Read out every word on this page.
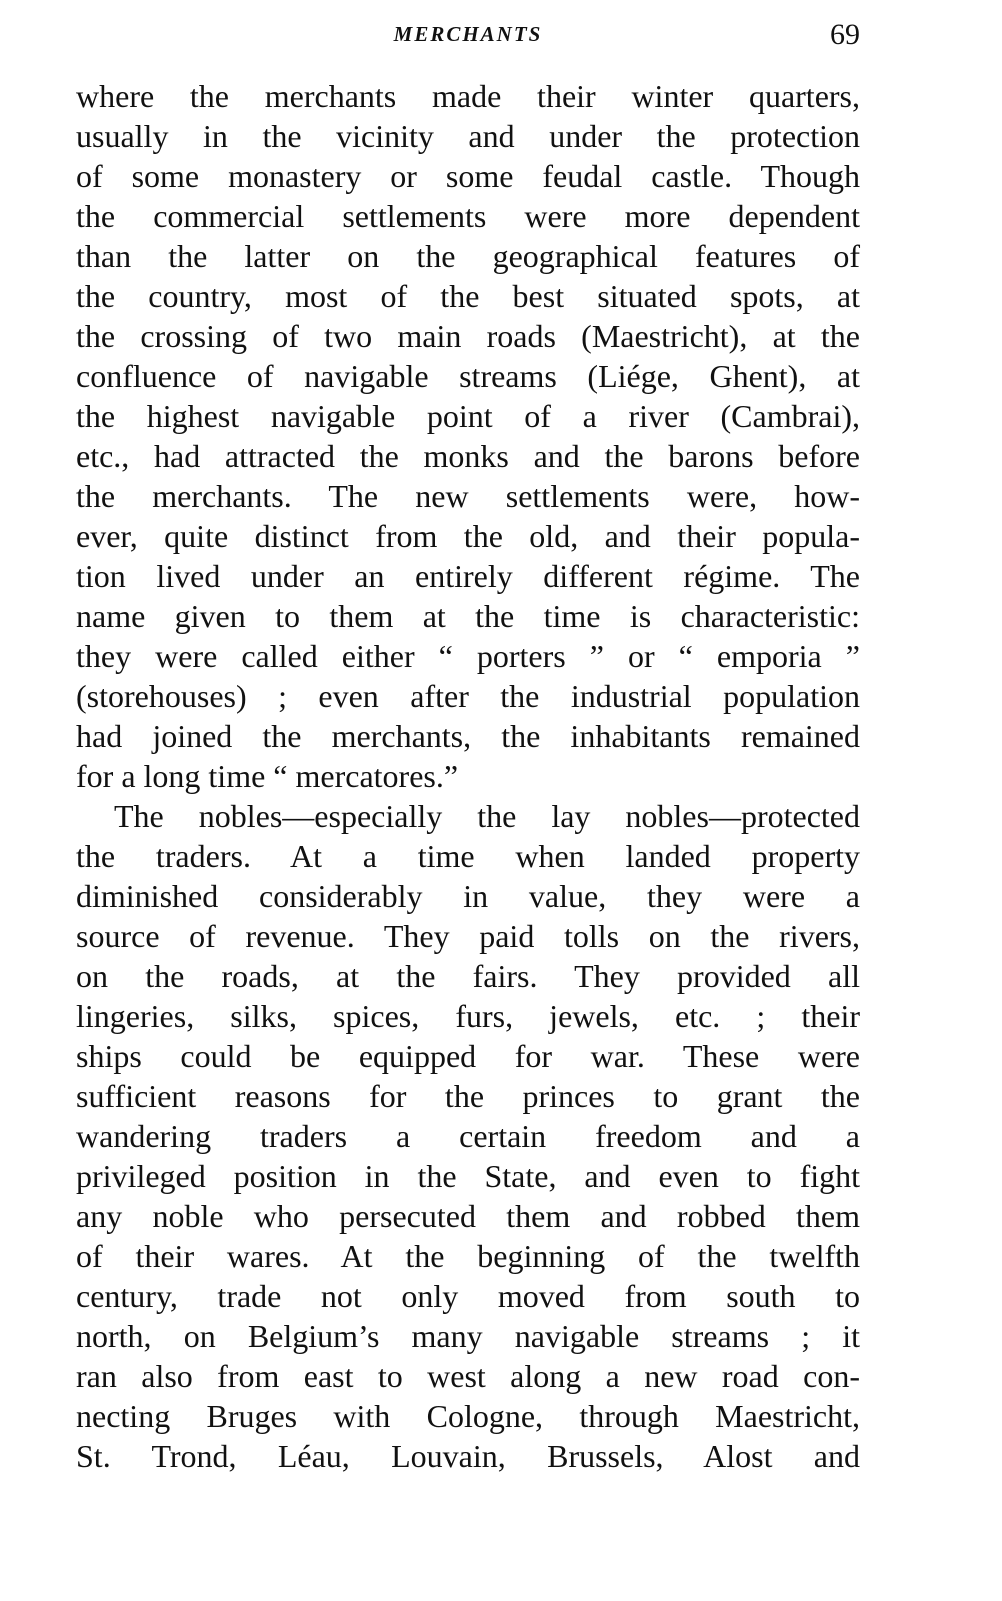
MERCHANTS	69
where the merchants made their winter quarters,
usually in the vicinity and under the protection
of some monastery or some feudal castle. Though
the commercial settlements were more dependent
than the latter on the geographical features of
the country, most of the best situated spots, at
the crossing of two main roads (Maestricht), at the
confluence of navigable streams (Liége, Ghent), at
the highest navigable point of a river (Cambrai),
etc., had attracted the monks and the barons before
the merchants. The new settlements were, how-
ever, quite distinct from the old, and their popula-
tion lived under an entirely different régime. The
name given to them at the time is characteristic:
they were called either “ porters ” or “ emporia ”
(storehouses) ; even after the industrial population
had joined the merchants, the inhabitants remained
for a long time “ mercatores.”
The nobles—especially the lay nobles—protected
the traders. At a time when landed property
diminished considerably in value, they were a
source of revenue. They paid tolls on the rivers,
on the roads, at the fairs. They provided all
lingeries, silks, spices, furs, jewels, etc. ; their
ships could be equipped for war. These were
sufficient reasons for the princes to grant the
wandering traders a certain freedom and a
privileged position in the State, and even to fight
any noble who persecuted them and robbed them
of their wares. At the beginning of the twelfth
century, trade not only moved from south to
north, on Belgium’s many navigable streams ; it
ran also from east to west along a new road con-
necting Bruges with Cologne, through Maestricht,
St. Trond, Léau, Louvain, Brussels, Alost and
